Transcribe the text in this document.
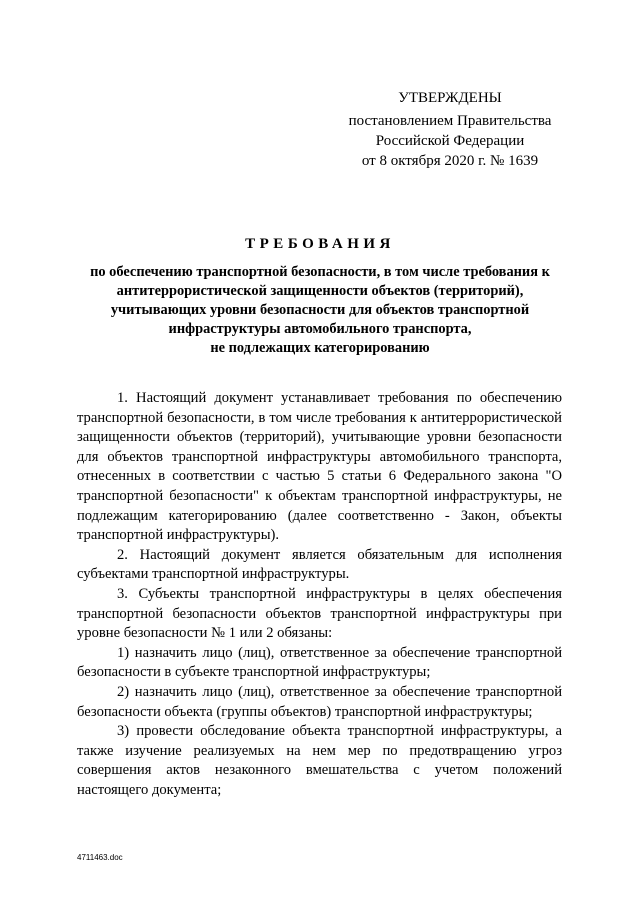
УТВЕРЖДЕНЫ
постановлением Правительства
Российской Федерации
от 8 октября 2020 г. № 1639
ТРЕБОВАНИЯ
по обеспечению транспортной безопасности, в том числе требования к
антитеррористической защищенности объектов (территорий),
учитывающих уровни безопасности для объектов транспортной
инфраструктуры автомобильного транспорта,
не подлежащих категорированию

1. Настоящий документ устанавливает требования по обеспечению транспортной безопасности, в том числе требования к антитеррористической защищенности объектов (территорий), учитывающие уровни безопасности для объектов транспортной инфраструктуры автомобильного транспорта, отнесенных в соответствии с частью 5 статьи 6 Федерального закона "О транспортной безопасности" к объектам транспортной инфраструктуры, не подлежащим категорированию (далее соответственно - Закон, объекты транспортной инфраструктуры).

2. Настоящий документ является обязательным для исполнения субъектами транспортной инфраструктуры.

3. Субъекты транспортной инфраструктуры в целях обеспечения транспортной безопасности объектов транспортной инфраструктуры при уровне безопасности № 1 или 2 обязаны:

1) назначить лицо (лиц), ответственное за обеспечение транспортной безопасности в субъекте транспортной инфраструктуры;

2) назначить лицо (лиц), ответственное за обеспечение транспортной безопасности объекта (группы объектов) транспортной инфраструктуры;

3) провести обследование объекта транспортной инфраструктуры, а также изучение реализуемых на нем мер по предотвращению угроз совершения актов незаконного вмешательства с учетом положений настоящего документа;

4711463.doc
